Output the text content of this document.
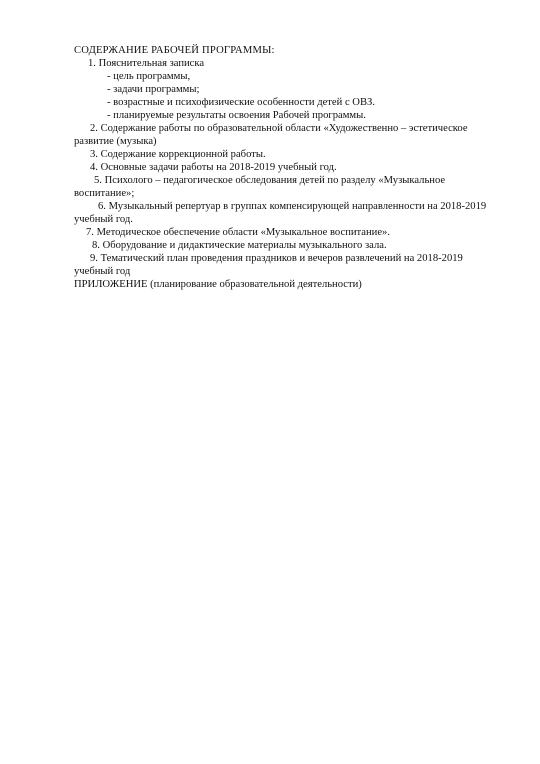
СОДЕРЖАНИЕ РАБОЧЕЙ ПРОГРАММЫ:
1. Пояснительная записка
- цель программы,
- задачи программы;
- возрастные и психофизические особенности детей с ОВЗ.
- планируемые результаты освоения Рабочей программы.
2. Содержание работы по образовательной области «Художественно – эстетическое
развитие (музыка)
3. Содержание коррекционной работы.
4. Основные задачи работы на 2018-2019 учебный год.
5. Психолого – педагогическое обследования детей по разделу «Музыкальное
воспитание»;
6. Музыкальный репертуар в группах компенсирующей направленности на 2018-2019
учебный год.
7. Методическое обеспечение области «Музыкальное воспитание».
8. Оборудование и дидактические материалы музыкального зала.
9. Тематический план проведения праздников и вечеров развлечений на 2018-2019
учебный год
ПРИЛОЖЕНИЕ (планирование образовательной деятельности)
